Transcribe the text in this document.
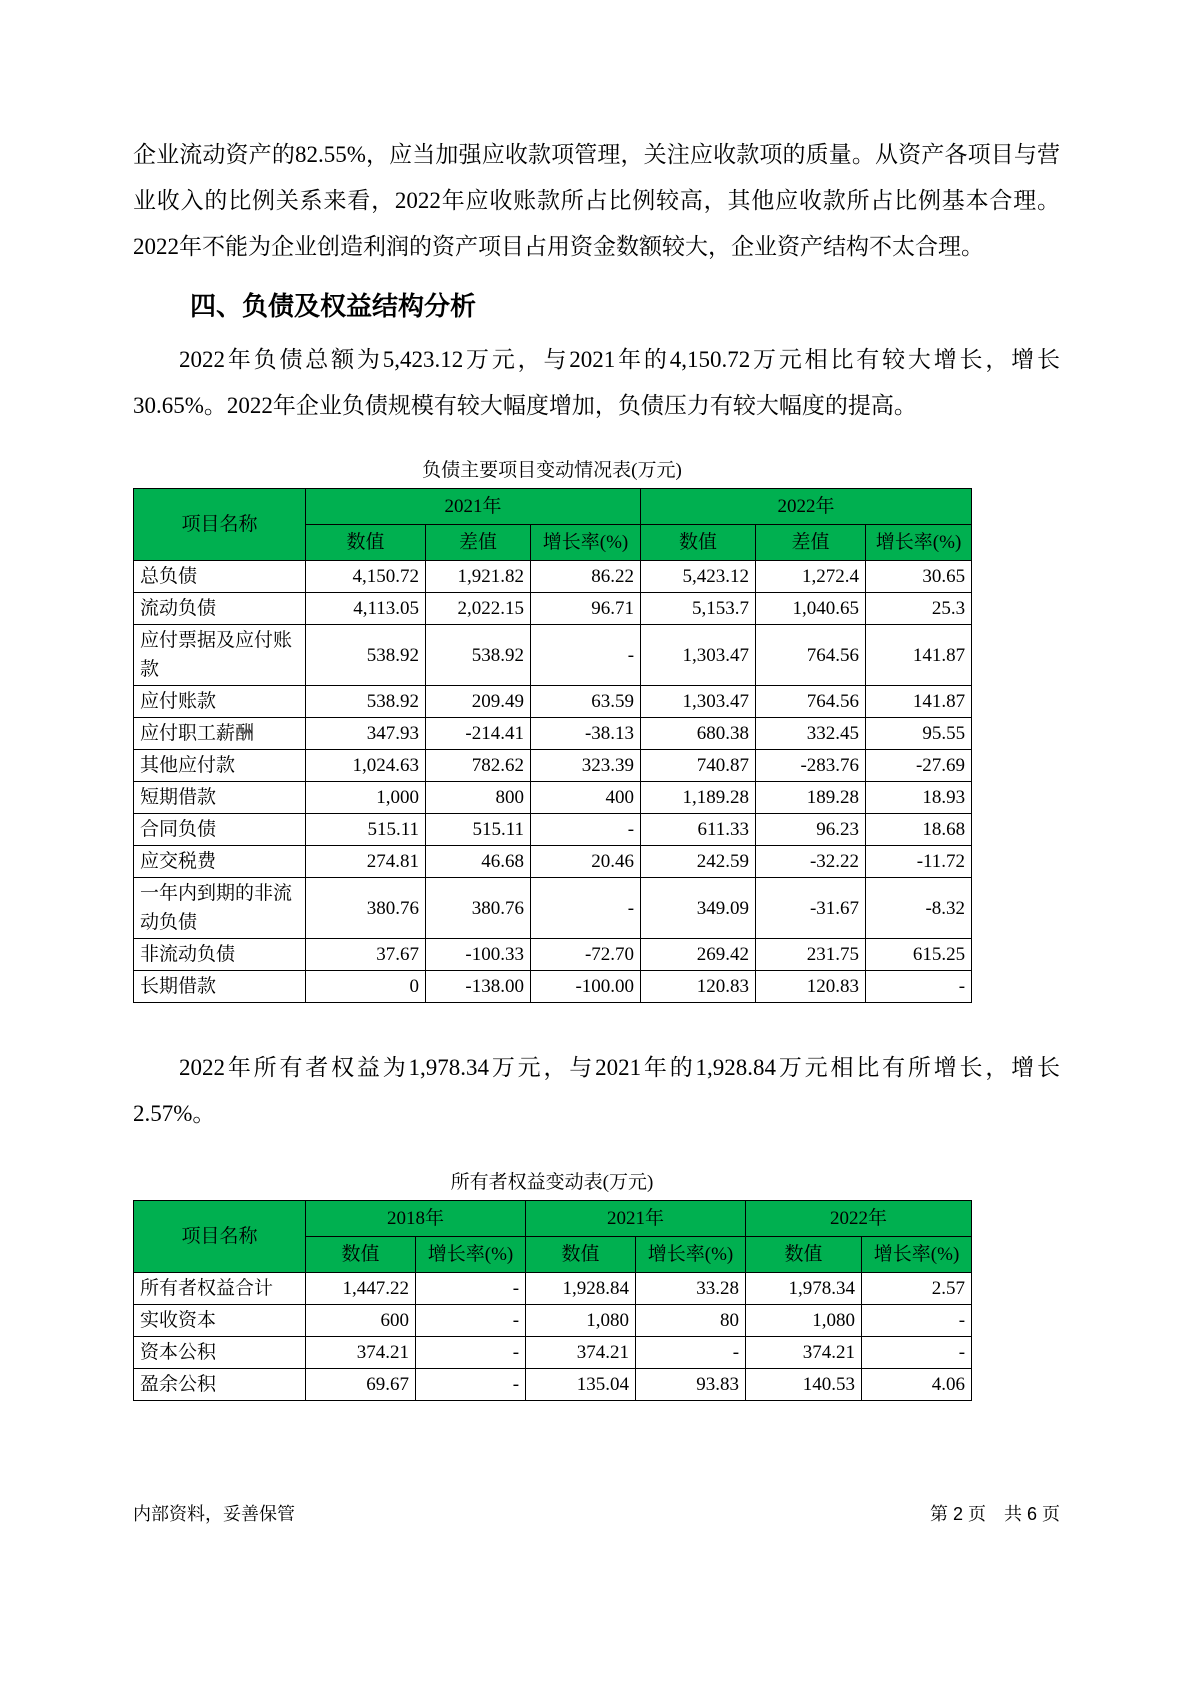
企业流动资产的82.55%，应当加强应收款项管理，关注应收款项的质量。从资产各项目与营业收入的比例关系来看，2022年应收账款所占比例较高，其他应收款所占比例基本合理。2022年不能为企业创造利润的资产项目占用资金数额较大，企业资产结构不太合理。

四、负债及权益结构分析

2022年负债总额为5,423.12万元，与2021年的4,150.72万元相比有较大增长，增长30.65%。2022年企业负债规模有较大幅度增加，负债压力有较大幅度的提高。

负债主要项目变动情况表(万元)
项目名称	2021年			2022年		
	数值	差值	增长率(%)	数值	差值	增长率(%)
总负债	4,150.72	1,921.82	86.22	5,423.12	1,272.4	30.65
流动负债	4,113.05	2,022.15	96.71	5,153.7	1,040.65	25.3
应付票据及应付账款	538.92	538.92	-	1,303.47	764.56	141.87
应付账款	538.92	209.49	63.59	1,303.47	764.56	141.87
应付职工薪酬	347.93	-214.41	-38.13	680.38	332.45	95.55
其他应付款	1,024.63	782.62	323.39	740.87	-283.76	-27.69
短期借款	1,000	800	400	1,189.28	189.28	18.93
合同负债	515.11	515.11	-	611.33	96.23	18.68
应交税费	274.81	46.68	20.46	242.59	-32.22	-11.72
一年内到期的非流动负债	380.76	380.76	-	349.09	-31.67	-8.32
非流动负债	37.67	-100.33	-72.70	269.42	231.75	615.25
长期借款	0	-138.00	-100.00	120.83	120.83	-

2022年所有者权益为1,978.34万元，与2021年的1,928.84万元相比有所增长，增长2.57%。

所有者权益变动表(万元)
项目名称	2018年		2021年		2022年	
	数值	增长率(%)	数值	增长率(%)	数值	增长率(%)
所有者权益合计	1,447.22	-	1,928.84	33.28	1,978.34	2.57
实收资本	600	-	1,080	80	1,080	-
资本公积	374.21	-	374.21	-	374.21	-
盈余公积	69.67	-	135.04	93.83	140.53	4.06
内部资料，妥善保管	第 2 页　共 6 页
